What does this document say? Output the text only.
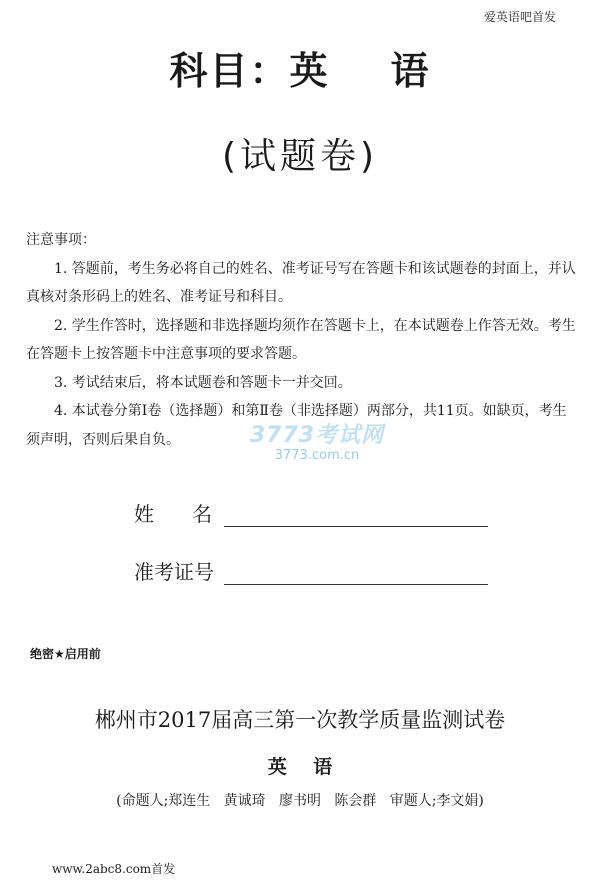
爱英语吧首发
科目：英    语
(试题卷)

注意事项：

1. 答题前，考生务必将自己的姓名、准考证号写在答题卡和该试题卷的封面上，并认真核对条形码上的姓名、准考证号和科目。

2. 学生作答时，选择题和非选择题均须作在答题卡上，在本试题卷上作答无效。考生在答题卡上按答题卡中注意事项的要求答题。

3. 考试结束后，将本试题卷和答题卡一并交回。

4. 本试卷分第Ⅰ卷（选择题）和第Ⅱ卷（非选择题）两部分，共11页。如缺页，考生须声明，否则后果自负。	3773考试网
3773.com.cn
姓      名
准考证号
绝密★启用前
郴州市2017届高三第一次教学质量监测试卷
英    语
(命题人;郑连生   黄诚琦   廖书明   陈会群   审题人;李文娟)
www.2abc8.com首发
